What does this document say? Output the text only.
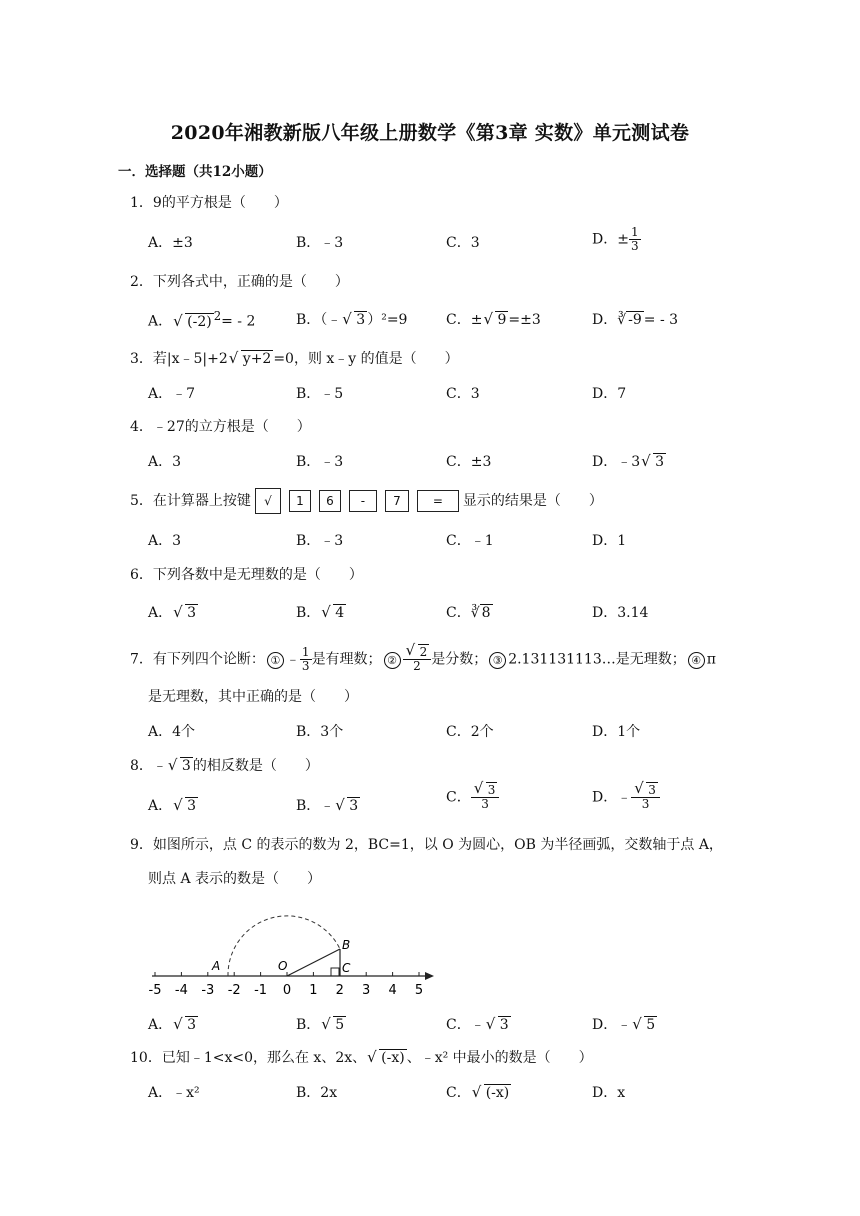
2020年湘教新版八年级上册数学《第3章 实数》单元测试卷
一．选择题（共12小题）
1．9的平方根是（　　）
A．±3	B．﹣3	C．3	D．± $\frac{1}{3}$
2．下列各式中，正确的是（　　）
A． √ (-2) $^2$= - 2	B．（﹣ √ 3 ）²=9	C．± √ 9 =±3	D．∛ -9 = - 3
3．若|x﹣5|+2 √ y+2 =0，则 x﹣y 的值是（　　）
A．﹣7	B．﹣5	C．3	D．7
4．﹣27的立方根是（　　）
A．3	B．﹣3	C．±3	D．﹣3 √ 3
5．在计算器上按键 √ 1 6 - 7	= 显示的结果是（　　）
A．3	B．﹣3	C．﹣1	D．1
6．下列各数中是无理数的是（　　）
A． √ 3	B． √ 4	C．∛ 8	D．3.14
7．有下列四个论断： ① ﹣ $\frac{1}{3}$ 是有理数； ② √ $\frac{2}{2}$ 是分数； ③ 2.131131113…是无理数； ④ π
是无理数，其中正确的是（　　）
A．4个	B．3个	C．2个	D．1个
8．﹣ √ 3 的相反数是（　　）
A． √ 3	B．﹣ √ 3
C． √ $\frac{3}{3}$	D．﹣ √ $\frac{3}{3}$
9．如图所示，点 C 的表示的数为 2，BC=1，以 O 为圆心，OB 为半径画弧，交数轴于点 A，
则点 A 表示的数是（　　）
-5 -4 -3 -2 -1 0 1 2 3 4 5
A	O
B
C
A． √ 3	B． √ 5	C．﹣ √ 3	D．﹣ √ 5
10．已知﹣1<x<0，那么在 x、2x、 √ (-x) 、﹣x² 中最小的数是（　　）
A．﹣x²	B．2x	C． √ (-x)	D．x
